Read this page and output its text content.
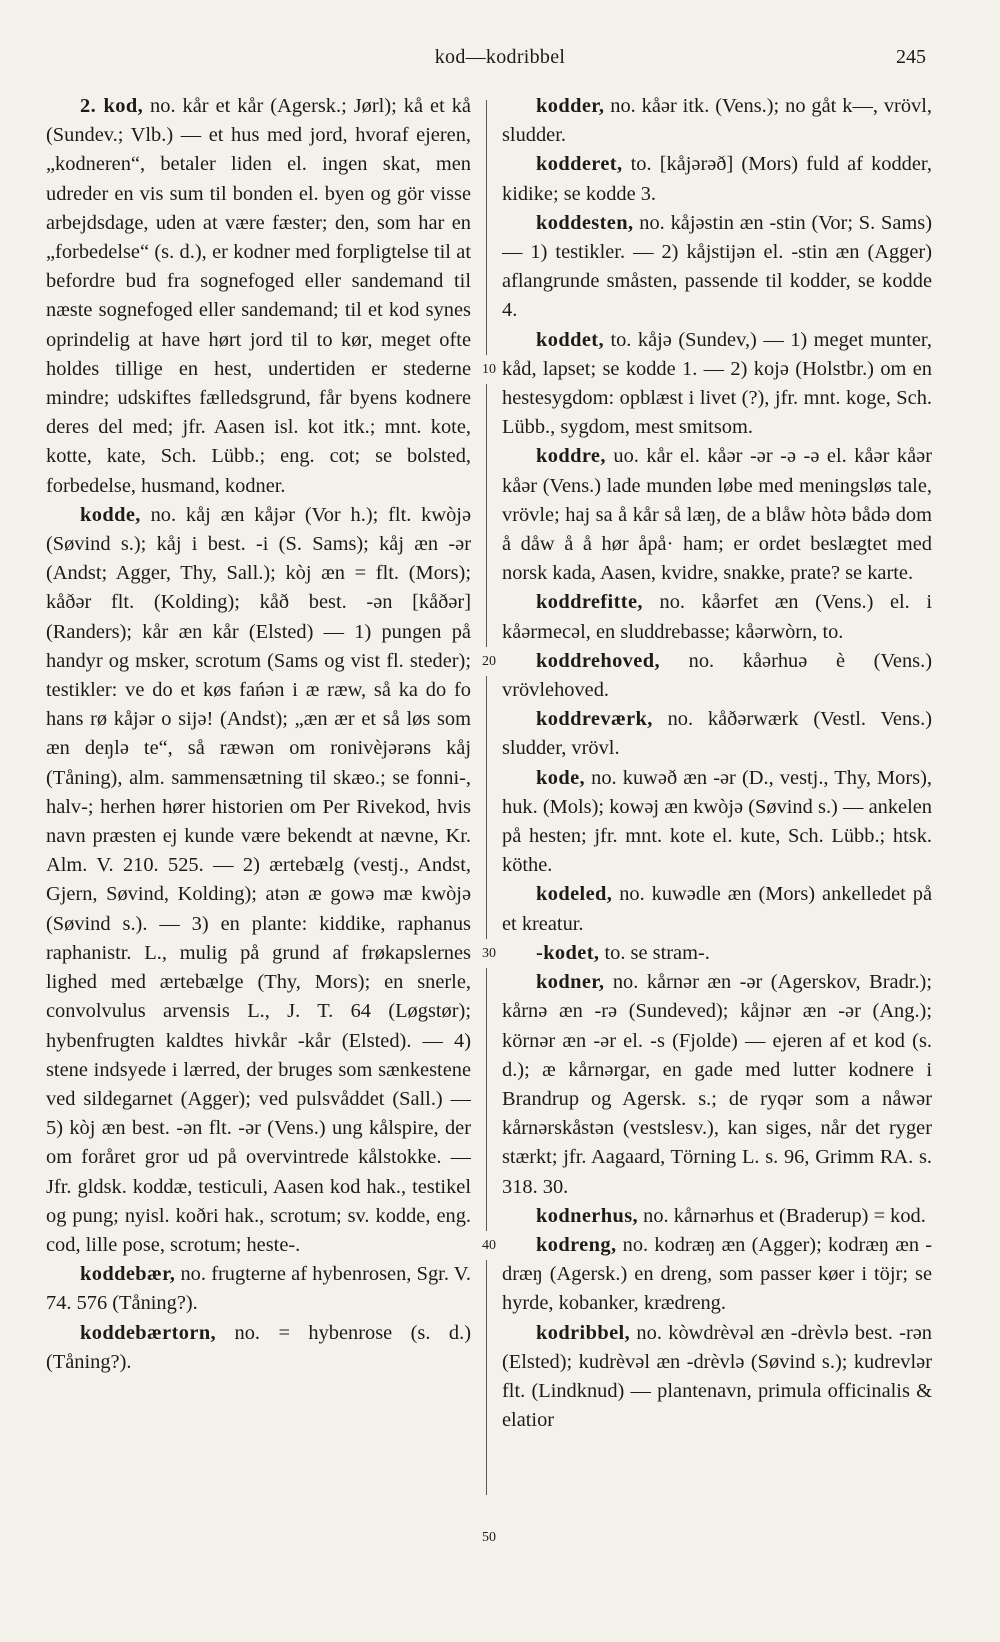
kod—kodribbel	245

2. kod, no. kår et kår (Agersk.; Jørl); kå et kå (Sundev.; Vlb.) — et hus med jord, hvoraf ejeren, „kodneren“, betaler liden el. ingen skat, men udreder en vis sum til bonden el. byen og gör visse arbejdsdage, uden at være fæster; den, som har en „forbedelse“ (s. d.), er kodner med forpligtelse til at befordre bud fra sognefoged eller sandemand til næste sognefoged eller sandemand; til et kod synes oprindelig at have hørt jord til to kør, meget ofte holdes tillige en hest, undertiden er stederne mindre; udskiftes fælledsgrund, får byens kodnere deres del med; jfr. Aasen isl. kot itk.; mnt. kote, kotte, kate, Sch. Lübb.; eng. cot; se bolsted, forbedelse, husmand, kodner.

kodde, no. kåj æn kåjər (Vor h.); flt. kwòjə (Søvind s.); kåj i best. -i (S. Sams); kåj æn -ər (Andst; Agger, Thy, Sall.); kòj æn = flt. (Mors); kåðər flt. (Kolding); kåð best. -ən [kåðər] (Randers); kår æn kår (Elsted) — 1) pungen på handyr og msker, scrotum (Sams og vist fl. steder); testikler: ve do et køs fańən i æ ræw, så ka do fo hans rø kåjər o sijə! (Andst); „æn ær et så løs som æn deŋlə te“, så ræwən om ronivèjərəns kåj (Tåning), alm. sammensætning til skæo.; se fonni-, halv-; herhen hører historien om Per Rivekod, hvis navn præsten ej kunde være bekendt at nævne, Kr. Alm. V. 210. 525. — 2) ærtebælg (vestj., Andst, Gjern, Søvind, Kolding); atən æ gowə mæ kwòjə (Søvind s.). — 3) en plante: kiddike, raphanus raphanistr. L., mulig på grund af frøkapslernes lighed med ærtebælge (Thy, Mors); en snerle, convolvulus arvensis L., J. T. 64 (Løgstør); hybenfrugten kaldtes hivkår -kår (Elsted). — 4) stene indsyede i lærred, der bruges som sænkestene ved sildegarnet (Agger); ved pulsvåddet (Sall.) — 5) kòj æn best. -ən flt. -ər (Vens.) ung kålspire, der om foråret gror ud på overvintrede kålstokke. — Jfr. gldsk. koddæ, testiculi, Aasen kod hak., testikel og pung; nyisl. koðri hak., scrotum; sv. kodde, eng. cod, lille pose, scrotum; heste-.

koddebær, no. frugterne af hybenrosen, Sgr. V. 74. 576 (Tåning?).

koddebærtorn, no. = hybenrose (s. d.) (Tåning?).

10
20
30
40
50

kodder, no. kåər itk. (Vens.); no gåt k—, vrövl, sludder.

kodderet, to. [kåjərəð] (Mors) fuld af kodder, kidike; se kodde 3.

koddesten, no. kåjəstin æn -stin (Vor; S. Sams) — 1) testikler. — 2) kåjstijən el. -stin æn (Agger) aflangrunde småsten, passende til kodder, se kodde 4.

koddet, to. kåjə (Sundev,) — 1) meget munter, kåd, lapset; se kodde 1. — 2) kojə (Holstbr.) om en hestesygdom: opblæst i livet (?), jfr. mnt. koge, Sch. Lübb., sygdom, mest smitsom.

koddre, uo. kår el. kåər -ər -ə -ə el. kåər kåər kåər (Vens.) lade munden løbe med meningsløs tale, vrövle; haj sa å kår så læŋ, de a blåw hòtə bådə dom å dåw å å hør åpå· ham; er ordet beslægtet med norsk kada, Aasen, kvidre, snakke, prate? se karte.

koddrefitte, no. kåərfet æn (Vens.) el. i kåərmecəl, en sluddrebasse; kåərwòrn, to.

koddrehoved, no. kåərhuə è (Vens.) vrövlehoved.

koddreværk, no. kåðərwærk (Vestl. Vens.) sludder, vrövl.

kode, no. kuwəð æn -ər (D., vestj., Thy, Mors), huk. (Mols); kowəj æn kwòjə (Søvind s.) — ankelen på hesten; jfr. mnt. kote el. kute, Sch. Lübb.; htsk. köthe.

kodeled, no. kuwədle æn (Mors) ankelledet på et kreatur.

-kodet, to. se stram-.

kodner, no. kårnər æn -ər (Agerskov, Bradr.); kårnə æn -rə (Sundeved); kåjnər æn -ər (Ang.); körnər æn -ər el. -s (Fjolde) — ejeren af et kod (s. d.); æ kårnərgar, en gade med lutter kodnere i Brandrup og Agersk. s.; de ryqər som a nåwər kårnərskåstən (vestslesv.), kan siges, når det ryger stærkt; jfr. Aagaard, Törning L. s. 96, Grimm RA. s. 318. 30.

kodnerhus, no. kårnərhus et (Braderup) = kod.

kodreng, no. kodræŋ æn (Agger); kodræŋ æn -dræŋ (Agersk.) en dreng, som passer køer i töjr; se hyrde, kobanker, krædreng.

kodribbel, no. kòwdrèvəl æn -drèvlə best. -rən (Elsted); kudrèvəl æn -drèvlə (Søvind s.); kudrevlər flt. (Lindknud) — plantenavn, primula officinalis & elatior
